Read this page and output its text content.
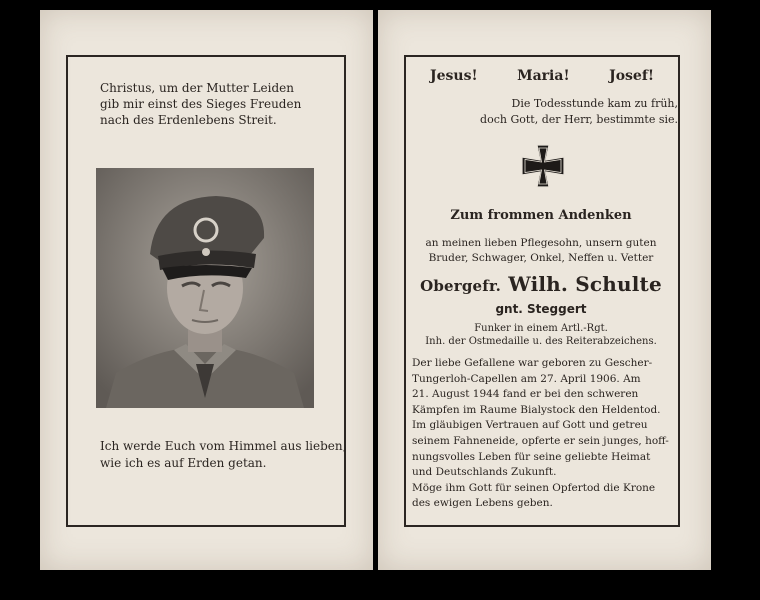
Christus, um der Mutter Leiden
gib mir einst des Sieges Freuden
nach des Erdenlebens Streit.
Ich werde Euch vom Himmel aus lieben,
wie ich es auf Erden getan.
Jesus!	Maria!	Josef!
Die Todesstunde kam zu früh,
doch Gott, der Herr, bestimmte sie.
Zum frommen Andenken
an meinen lieben Pflegesohn, unsern guten
Bruder, Schwager, Onkel, Neffen u. Vetter
Obergefr. Wilh. Schulte
gnt. Steggert
Funker in einem Artl.-Rgt.
Inh. der Ostmedaille u. des Reiterabzeichens.
Der liebe Gefallene war geboren zu Gescher-
Tungerloh-Capellen am 27. April 1906. Am
21. August 1944 fand er bei den schweren
Kämpfen im Raume Bialystock den Heldentod.
Im gläubigen Vertrauen auf Gott und getreu
seinem Fahneneide, opferte er sein junges, hoff-
nungsvolles Leben für seine geliebte Heimat
und Deutschlands Zukunft.
Möge ihm Gott für seinen Opfertod die Krone
des ewigen Lebens geben.
